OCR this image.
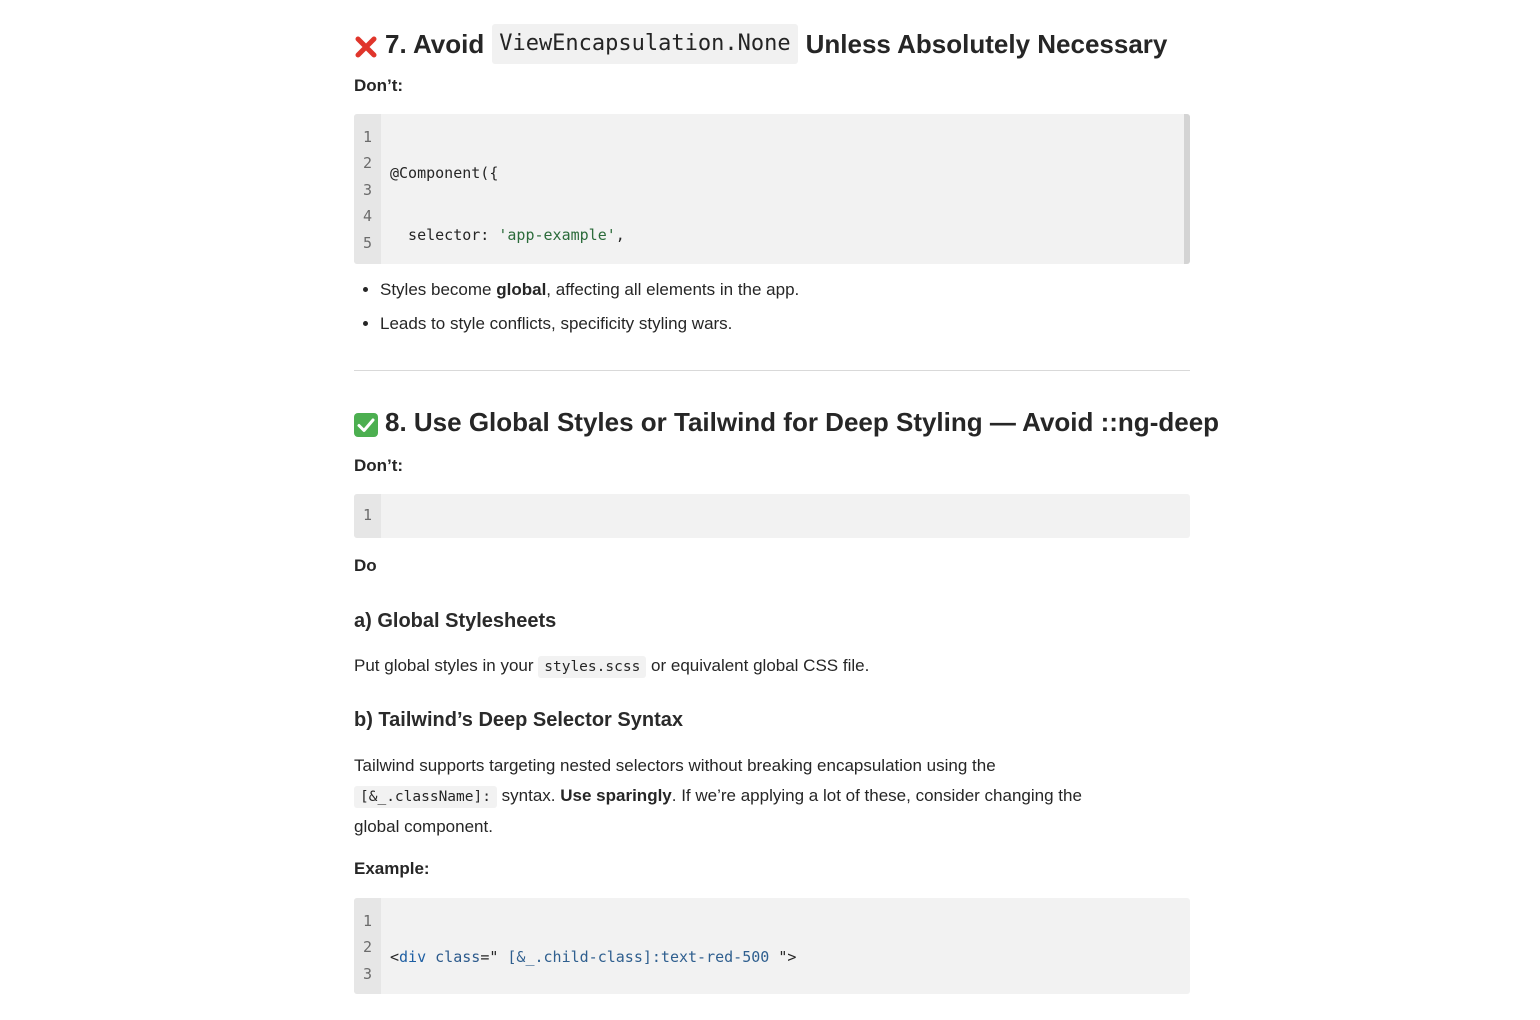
7. Avoid ViewEncapsulation.None Unless Absolutely Necessary

Don’t:

1
2
3
4
5

@Component({

selector: 'app-example',

• Styles become global, affecting all elements in the app.
• Leads to style conflicts, specificity styling wars.
8. Use Global Styles or Tailwind for Deep Styling — Avoid ::ng-deep

Don’t:

1

Do

a) Global Stylesheets

Put global styles in your styles.scss or equivalent global CSS file.

b) Tailwind’s Deep Selector Syntax

Tailwind supports targeting nested selectors without breaking encapsulation using the

[&_.className]: syntax. Use sparingly. If we’re applying a lot of these, consider changing the

global component.

Example:

1
2
3

<div class=" [&_.child-class]:text-red-500 ">
